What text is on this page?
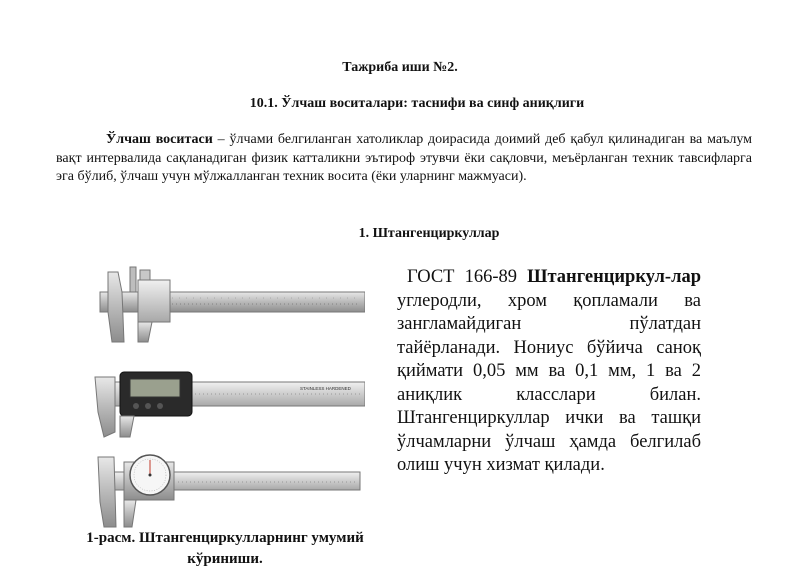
Тажриба иши №2.
10.1. Ўлчаш воситалари: таснифи ва синф аниқлиги

Ўлчаш воситаси – ўлчами белгиланган хатоликлар доирасида доимий деб қабул қилинадиган ва маълум вақт интервалида сақланадиган физик катталикни эътироф этувчи ёки сақловчи, меъёрланган техник тавсифларга эга бўлиб, ўлчаш учун мўлжалланган техник восита (ёки уларнинг мажмуаси).

1. Штангенциркуллар
STAINLESS HARDENED
1-расм. Штангенциркулларнинг умумий кўриниши.

ГОСТ 166-89 Штангенциркул-лар углеродли, хром қопламали ва зангламайдиган пўлатдан тайёрланади. Нониус бўйича саноқ қиймати 0,05 мм ва 0,1 мм, 1 ва 2 аниқлик класслари билан. Штангенциркуллар ички ва ташқи ўлчамларни ўлчаш ҳамда белгилаб олиш учун хизмат қилади.
